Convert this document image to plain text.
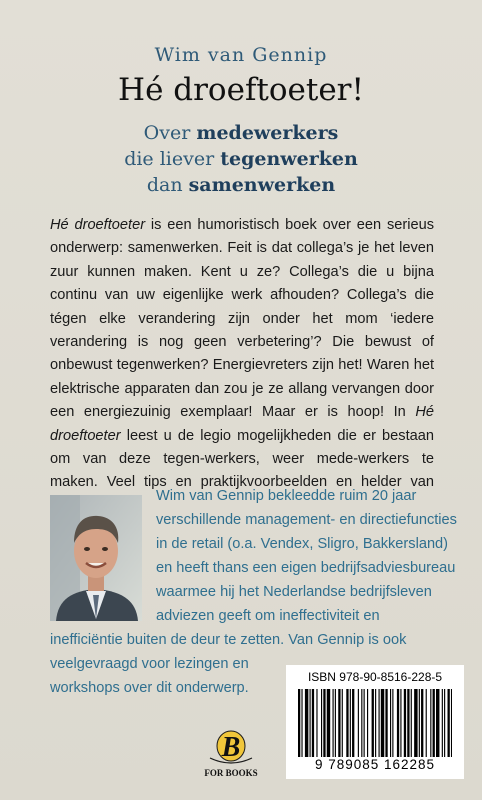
Wim van Gennip
Hé droeftoeter!
Over medewerkers
die liever tegenwerken
dan samenwerken
Hé droeftoeter is een humoristisch boek over een serieus onderwerp: samenwerken. Feit is dat collega’s je het leven zuur kunnen maken. Kent u ze? Collega’s die u bijna continu van uw eigenlijke werk afhouden? Collega’s die tégen elke verandering zijn onder het mom ‘iedere verandering is nog geen verbetering’? Die bewust of onbewust tegenwerken? Energievreters zijn het! Waren het elektrische apparaten dan zou je ze allang vervangen door een energiezuinig exemplaar! Maar er is hoop! In Hé droeftoeter leest u de legio mogelijkheden die er bestaan om van deze tegen-werkers, weer mede-werkers te maken. Veel tips en praktijkvoorbeelden en helder van
Wim van Gennip bekleedde ruim 20 jaar
verschillende management- en directiefuncties
in de retail (o.a. Vendex, Sligro, Bakkersland)
en heeft thans een eigen bedrijfsadviesbureau
waarmee hij het Nederlandse bedrijfsleven
adviezen geeft om ineffectiviteit en
inefficiëntie buiten de deur te zetten. Van Gennip is ook
veelgevraagd voor lezingen en
workshops over dit onderwerp.
B
FOR BOOKS
ISBN 978-90-8516-228-5
9 789085 162285
